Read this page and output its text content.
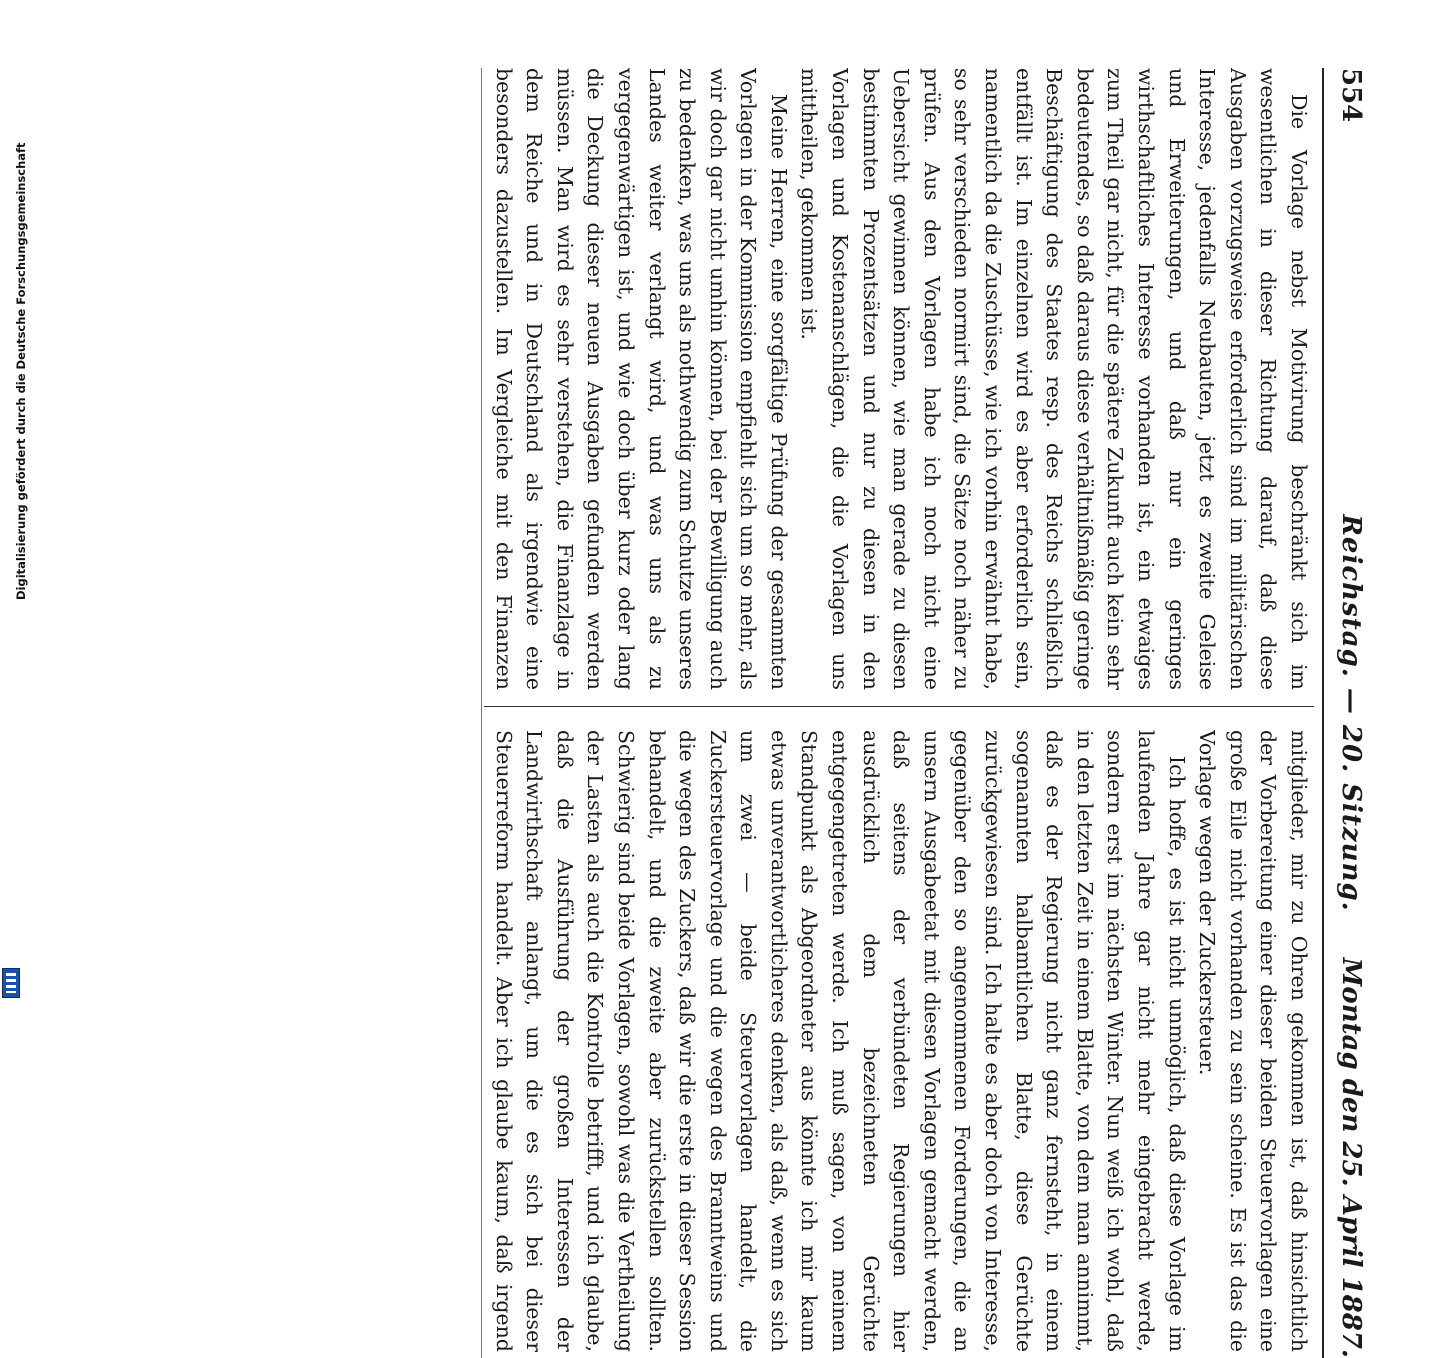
554
Reichstag. — 20. Sitzung.
Montag den 25. April 1887.

Die Vorlage nebst Motivirung beschränkt sich im wesentlichen in dieser Richtung darauf, daß diese Ausgaben vorzugsweise erforderlich sind im militärischen Interesse, jedenfalls Neubauten, jetzt es zweite Geleise und Erweiterungen, und daß nur ein geringes wirthschaftliches Interesse vorhanden ist, ein etwaiges zum Theil gar nicht, für die spätere Zukunft auch kein sehr bedeutendes, so daß daraus diese verhältnißmäßig geringe Beschäftigung des Staates resp. des Reichs schließlich entfällt ist. Im einzelnen wird es aber erforderlich sein, namentlich da die Zuschüsse, wie ich vorhin erwähnt habe, so sehr verschieden normirt sind, die Sätze noch näher zu prüfen. Aus den Vorlagen habe ich noch nicht eine Uebersicht gewinnen können, wie man gerade zu diesen bestimmten Prozentsätzen und nur zu diesen in den Vorlagen und Kostenanschlägen, die die Vorlagen uns mittheilen, gekommen ist.

Meine Herren, eine sorgfältige Prüfung der gesammten Vorlagen in der Kommission empfiehlt sich um so mehr, als wir doch gar nicht umhin können, bei der Bewilligung auch zu bedenken, was uns als nothwendig zum Schutze unseres Landes weiter verlangt wird, und was uns als zu vergegenwärtigen ist, und wie doch über kurz oder lang die Deckung dieser neuen Ausgaben gefunden werden müssen. Man wird es sehr verstehen, die Finanzlage in dem Reiche und in Deutschland als irgendwie eine besonders dazustellen. Im Vergleiche mit den Finanzen

mitglieder, mir zu Ohren gekommen ist, daß hinsichtlich der Vorbereitung einer dieser beiden Steuervorlagen eine große Eile nicht vorhanden zu sein scheine. Es ist das die Vorlage wegen der Zuckersteuer.

Ich hoffe, es ist nicht unmöglich, daß diese Vorlage im laufenden Jahre gar nicht mehr eingebracht werde, sondern erst im nächsten Winter. Nun weiß ich wohl, daß in den letzten Zeit in einem Blatte, von dem man annimmt, daß es der Regierung nicht ganz fernsteht, in einem sogenannten halbamtlichen Blatte, diese Gerüchte zurückgewiesen sind. Ich halte es aber doch von Interesse, gegenüber den so angenommenen Forderungen, die an unsern Ausgabeetat mit diesen Vorlagen gemacht werden, daß seitens der verbündeten Regierungen hier ausdrücklich dem bezeichneten Gerüchte entgegengetreten werde. Ich muß sagen, von meinem Standpunkt als Abgeordneter aus könnte ich mir kaum etwas unverantwortlicheres denken, als daß, wenn es sich um zwei — beide Steuervorlagen handelt, die Zuckersteuervorlage und die wegen des Branntweins und die wegen des Zuckers, daß wir die erste in dieser Session behandelt, und die zweite aber zurückstellen sollten. Schwierig sind beide Vorlagen, sowohl was die Vertheilung der Lasten als auch die Kontrolle betrifft, und ich glaube, daß die Ausführung der großen Interessen der Landwirthschaft anlangt, um die es sich bei dieser Steuerreform handelt. Aber ich glaube kaum, daß irgend

Digitalisierung gefördert durch die Deutsche Forschungsgemeinschaft
